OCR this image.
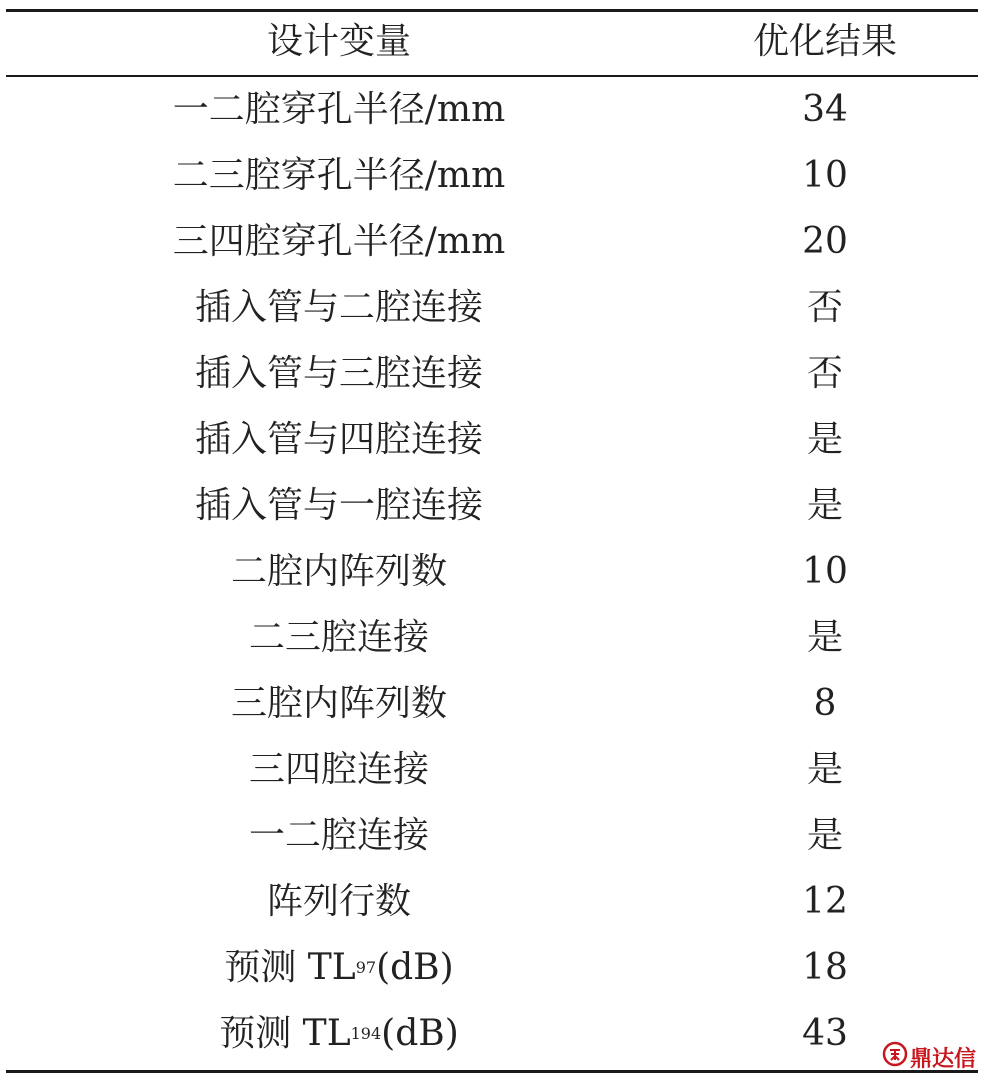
设计变量	优化结果
一二腔穿孔半径/mm	34
二三腔穿孔半径/mm	10
三四腔穿孔半径/mm	20
插入管与二腔连接	否
插入管与三腔连接	否
插入管与四腔连接	是
插入管与一腔连接	是
二腔内阵列数	10
二三腔连接	是
三腔内阵列数	8
三四腔连接	是
一二腔连接	是
阵列行数	12
预测 TL 97 (dB)	18
预测 TL 194 (dB)	43
鼎达信
